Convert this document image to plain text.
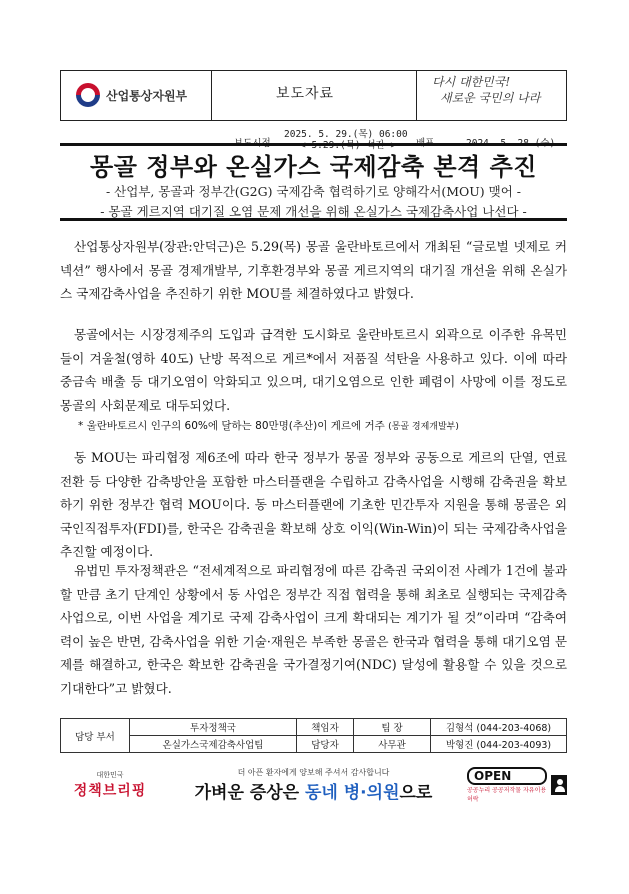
산업통상자원부	보도자료
다시 대한민국!
새로운 국민의 나라
보도시점
2025. 5. 29.(목) 06:00
< 5.29.(목) 석간 > 배포	2024. 5. 28.(수)
몽골 정부와 온실가스 국제감축 본격 추진
- 산업부, 몽골과 정부간(G2G) 국제감축 협력하기로 양해각서(MOU) 맺어 -
- 몽골 게르지역 대기질 오염 문제 개선을 위해 온실가스 국제감축사업 나선다 -
산업통상자원부(장관:안덕근)은 5.29(목) 몽골 울란바토르에서 개최된 “글로벌 넷제로 커넥션” 행사에서 몽골 경제개발부, 기후환경부와 몽골 게르지역의 대기질 개선을 위해 온실가스 국제감축사업을 추진하기 위한 MOU를 체결하였다고 밝혔다.
몽골에서는 시장경제주의 도입과 급격한 도시화로 울란바토르시 외곽으로 이주한 유목민들이 겨울철(영하 40도) 난방 목적으로 게르*에서 저품질 석탄을 사용하고 있다. 이에 따라 중금속 배출 등 대기오염이 악화되고 있으며, 대기오염으로 인한 폐렴이 사망에 이를 정도로 몽골의 사회문제로 대두되었다.
* 울란바토르시 인구의 60%에 달하는 80만명(추산)이 게르에 거주 (몽골 경제개발부)
동 MOU는 파리협정 제6조에 따라 한국 정부가 몽골 정부와 공동으로 게르의 단열, 연료전환 등 다양한 감축방안을 포함한 마스터플랜을 수립하고 감축사업을 시행해 감축권을 확보하기 위한 정부간 협력 MOU이다. 동 마스터플랜에 기초한 민간투자 지원을 통해 몽골은 외국인직접투자(FDI)를, 한국은 감축권을 확보해 상호 이익(Win-Win)이 되는 국제감축사업을 추진할 예정이다.
유법민 투자정책관은 “전세계적으로 파리협정에 따른 감축권 국외이전 사례가 1건에 불과할 만큼 초기 단계인 상황에서 동 사업은 정부간 직접 협력을 통해 최초로 실행되는 국제감축사업으로, 이번 사업을 계기로 국제 감축사업이 크게 확대되는 계기가 될 것”이라며 “감축여력이 높은 반면, 감축사업을 위한 기술·재원은 부족한 몽골은 한국과 협력을 통해 대기오염 문제를 해결하고, 한국은 확보한 감축권을 국가결정기여(NDC) 달성에 활용할 수 있을 것으로 기대한다”고 밝혔다.
담당 부서	투자정책국	책임자	팀 장	김형석 (044-203-4068)
	온실가스국제감축사업팀	담당자	사무관	박형진 (044-203-4093)
대한민국
정책브리핑
더 아픈 환자에게 양보해 주셔서 감사합니다
가벼운 증상은 동네 병·의원으로
OPEN
공공누리 공공저작물 자유이용허락
